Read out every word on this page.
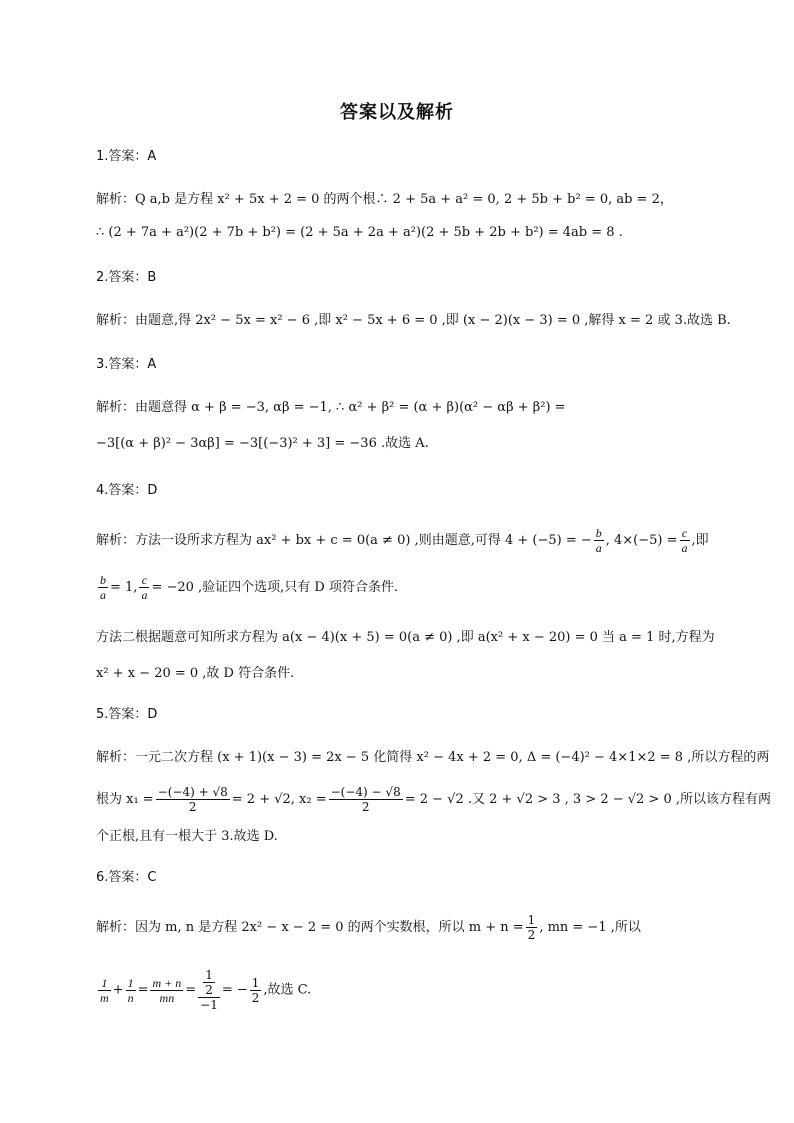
答案以及解析
1.答案：A
解析：Q a,b 是方程 x² + 5x + 2 = 0 的两个根∴ 2 + 5a + a² = 0, 2 + 5b + b² = 0, ab = 2，
∴ (2 + 7a + a²)(2 + 7b + b²) = (2 + 5a + 2a + a²)(2 + 5b + 2b + b²) = 4ab = 8 .
2.答案：B
解析：由题意,得 2x² − 5x = x² − 6 ,即 x² − 5x + 6 = 0 ,即 (x − 2)(x − 3) = 0 ,解得 x = 2 或 3.故选 B.
3.答案：A
解析：由题意得 α + β = −3, αβ = −1, ∴ α² + β² = (α + β)(α² − αβ + β²) =
−3[(α + β)² − 3αβ] = −3[(−3)² + 3] = −36 .故选 A.
4.答案：D
解析：方法一设所求方程为 ax² + bx + c = 0(a ≠ 0) ,则由题意,可得 4 + (−5) = − $\frac{b}{a}$ , $4\times(-5) = \frac{c}{a}$ ,即
$\frac{b}{a} = 1$, $\frac{c}{a} = -20$ ,验证四个选项,只有 D 项符合条件.
方法二根据题意可知所求方程为 a(x − 4)(x + 5) = 0(a ≠ 0) ,即 a(x² + x − 20) = 0 当 a = 1 时,方程为
x² + x − 20 = 0 ,故 D 符合条件.
5.答案：D
解析：一元二次方程 (x + 1)(x − 3) = 2x − 5 化简得 x² − 4x + 2 = 0, Δ = (−4)² − 4×1×2 = 8 ,所以方程的两
根为 $x_1 = \frac{-(-4) + √8}{2} = 2 + √2$, $x_2 = \frac{-(-4) - √8}{2} = 2 - √2$ .又 2 + √2 > 3 , 3 > 2 − √2 > 0 ,所以该方程有两
个正根,且有一根大于 3.故选 D.
6.答案：C
解析：因为 m, n 是方程 2x² − x − 2 = 0 的两个实数根，所以 $m + n = \frac{1}{2}$ , mn = −1 ,所以
$\frac{1}{m} + \frac{1}{n} = \frac{m + n}{mn} = \frac{\frac{1}{2}}{-1}$ = − $\frac{1}{2}$ ,故选 C.
